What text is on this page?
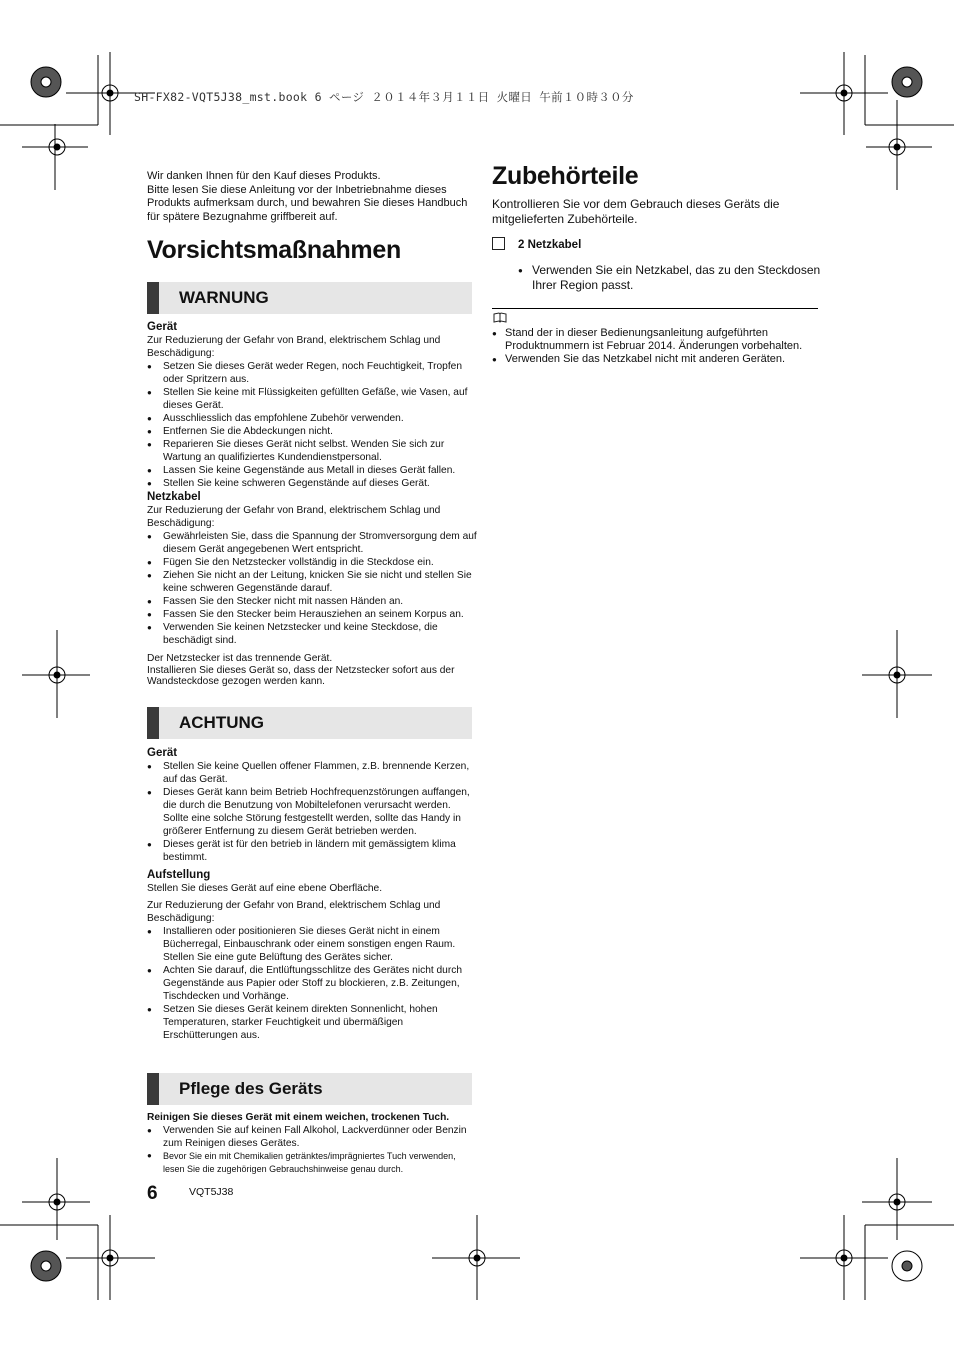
SH-FX82-VQT5J38_mst.book 6 ページ ２０１４年３月１１日 火曜日 午前１０時３０分
Wir danken Ihnen für den Kauf dieses Produkts.
Bitte lesen Sie diese Anleitung vor der Inbetriebnahme dieses Produkts aufmerksam durch, und bewahren Sie dieses Handbuch für spätere Bezugnahme griffbereit auf.
Vorsichtsmaßnahmen
WARNUNG
Gerät

Zur Reduzierung der Gefahr von Brand, elektrischem Schlag und Beschädigung:

● Setzen Sie dieses Gerät weder Regen, noch Feuchtigkeit, Tropfen oder Spritzern aus.
● Stellen Sie keine mit Flüssigkeiten gefüllten Gefäße, wie Vasen, auf dieses Gerät.
● Ausschliesslich das empfohlene Zubehör verwenden.
● Entfernen Sie die Abdeckungen nicht.
● Reparieren Sie dieses Gerät nicht selbst. Wenden Sie sich zur Wartung an qualifiziertes Kundendienstpersonal.
● Lassen Sie keine Gegenstände aus Metall in dieses Gerät fallen.
● Stellen Sie keine schweren Gegenstände auf dieses Gerät.
Netzkabel

Zur Reduzierung der Gefahr von Brand, elektrischem Schlag und Beschädigung:

● Gewährleisten Sie, dass die Spannung der Stromversorgung dem auf diesem Gerät angegebenen Wert entspricht.
● Fügen Sie den Netzstecker vollständig in die Steckdose ein.
● Ziehen Sie nicht an der Leitung, knicken Sie sie nicht und stellen Sie keine schweren Gegenstände darauf.
● Fassen Sie den Stecker nicht mit nassen Händen an.
● Fassen Sie den Stecker beim Herausziehen an seinem Korpus an.
● Verwenden Sie keinen Netzstecker und keine Steckdose, die beschädigt sind.

Der Netzstecker ist das trennende Gerät.

Installieren Sie dieses Gerät so, dass der Netzstecker sofort aus der Wandsteckdose gezogen werden kann.

ACHTUNG
Gerät
● Stellen Sie keine Quellen offener Flammen, z.B. brennende Kerzen, auf das Gerät.
● Dieses Gerät kann beim Betrieb Hochfrequenzstörungen auffangen, die durch die Benutzung von Mobiltelefonen verursacht werden. Sollte eine solche Störung festgestellt werden, sollte das Handy in größerer Entfernung zu diesem Gerät betrieben werden.
● Dieses gerät ist für den betrieb in ländern mit gemässigtem klima bestimmt.
Aufstellung

Stellen Sie dieses Gerät auf eine ebene Oberfläche.

Zur Reduzierung der Gefahr von Brand, elektrischem Schlag und Beschädigung:

● Installieren oder positionieren Sie dieses Gerät nicht in einem Bücherregal, Einbauschrank oder einem sonstigen engen Raum. Stellen Sie eine gute Belüftung des Gerätes sicher.
● Achten Sie darauf, die Entlüftungsschlitze des Gerätes nicht durch Gegenstände aus Papier oder Stoff zu blockieren, z.B. Zeitungen, Tischdecken und Vorhänge.
● Setzen Sie dieses Gerät keinem direkten Sonnenlicht, hohen Temperaturen, starker Feuchtigkeit und übermäßigen Erschütterungen aus.
Pflege des Geräts
Reinigen Sie dieses Gerät mit einem weichen, trockenen Tuch.
● Verwenden Sie auf keinen Fall Alkohol, Lackverdünner oder Benzin zum Reinigen dieses Gerätes.
● Bevor Sie ein mit Chemikalien getränktes/imprägniertes Tuch verwenden, lesen Sie die zugehörigen Gebrauchshinweise genau durch.
6	VQT5J38
Zubehörteile

Kontrollieren Sie vor dem Gebrauch dieses Geräts die mitgelieferten Zubehörteile.

2 Netzkabel
● Verwenden Sie ein Netzkabel, das zu den Steckdosen Ihrer Region passt.
● Stand der in dieser Bedienungsanleitung aufgeführten Produktnummern ist Februar 2014. Änderungen vorbehalten.
● Verwenden Sie das Netzkabel nicht mit anderen Geräten.
